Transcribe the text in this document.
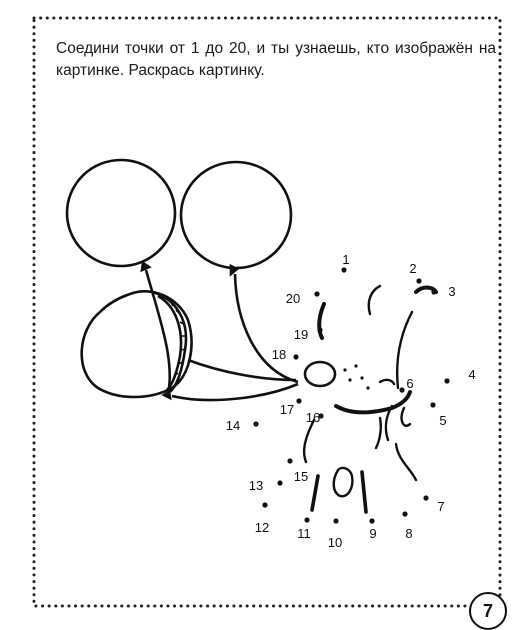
1
2
3
4
5
6
7
8
9
10
11
12
13
14
15
16
17
18
19
20
Соедини точки от 1 до 20, и ты узнаешь, кто изображён на картинке. Раскрась картинку.
7
